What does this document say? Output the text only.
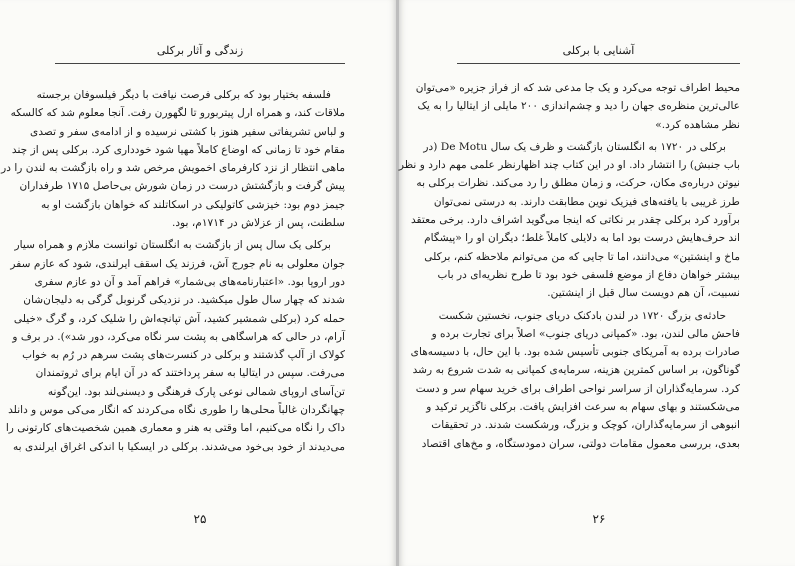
زندگی و آثار برکلی
فلسفه بختیار بود که برکلی فرصت نیافت با دیگر فیلسوفان برجسته
ملاقات کند، و همراه ارل پیتربورو تا لگهورن رفت. آنجا معلوم شد که کالسکه
و لباس تشریفاتی سفیر هنوز با کشتی نرسیده و از ادامه‌ی سفر و تصدی
مقام خود تا زمانی که اوضاع کاملاً مهیا شود خودداری کرد. برکلی پس از چند
ماهی انتظار از نزد کارفرمای اخمویش مرخص شد و راه بازگشت به لندن را در
پیش گرفت و بازگشتش درست در زمان شورش بی‌حاصل ۱۷۱۵ طرفداران
جیمز دوم بود: خیزشی کاتولیکی در اسکاتلند که خواهان بازگشت او به
سلطنت، پس از عزلاش در ۱۷۱۴م، بود.
برکلی یک سال پس از بازگشت به انگلستان توانست ملازم و همراه سیار
جوان معلولی به نام جورج آش، فرزند یک اسقف ایرلندی، شود که عازم سفر
دور اروپا بود. «اعتبارنامه‌های بی‌شمار» فراهم آمد و آن دو عازم سفری
شدند که چهار سال طول میکشید. در نزدیکی گرنوبل گرگی به دلیجان‌شان
حمله کرد (برکلی شمشیر کشید، آش تپانچه‌اش را شلیک کرد، و گرگ «خیلی
آرام، در حالی که هراسگاهی به پشت سر نگاه می‌کرد، دور شد»). در برف و
کولاک از آلپ گذشتند و برکلی در کنسرت‌های پشت سرهم در رُم به خواب
می‌رفت. سپس در ایتالیا به سفر پرداختند که در آن ایام برای ثروتمندان
تن‌آسای اروپای شمالی نوعی پارک فرهنگی و دیسنی‌لند بود. این‌گونه
چهانگردان غالباً محلی‌ها را طوری نگاه می‌کردند که انگار می‌کی موس و دانلد
داک را نگاه می‌کنیم، اما وقتی به هنر و معماری همین شخصیت‌های کارتونی را
می‌دیدند از خود بی‌خود می‌شدند. برکلی در ایسکیا با اندکی اغراق ایرلندی به
۲۵
آشنایی با برکلی
محیط اطراف توجه می‌کرد و یک جا مدعی شد که از فراز جزیره «می‌توان
عالی‌ترین منظره‌ی جهان را دید و چشم‌اندازی ۲۰۰ مایلی از ایتالیا را به یک
نظر مشاهده کرد.»
برکلی در ۱۷۲۰ به انگلستان بازگشت و ظرف یک سال De Motu (در
باب جنبش) را انتشار داد. او در این کتاب چند اظهارنظر علمی مهم دارد و نظر
نیوتن درباره‌ی مکان، حرکت، و زمان مطلق را رد می‌کند. نظرات برکلی به
طرز غریبی با یافته‌های فیزیک نوین مطابقت دارند. به درستی نمی‌توان
برآورد کرد برکلی چقدر بر نکاتی که اینجا می‌گوید اشراف دارد. برخی معتقد
اند حرف‌هایش درست بود اما به دلایلی کاملاً غلط؛ دیگران او را «پیشگام
ماخ و اینشتین» می‌دانند، اما تا جایی که من می‌توانم ملاحظه کنم، برکلی
بیشتر خواهان دفاع از موضع فلسفی خود بود تا طرح نظریه‌ای در باب
نسبیت، آن هم دویست سال قبل از اینشتین.
حادثه‌ی بزرگ ۱۷۲۰ در لندن بادکنک دریای جنوب، نخستین شکست
فاحش مالی لندن، بود. «کمپانی دریای جنوب» اصلاً برای تجارت برده و
صادرات برده به آمریکای جنوبی تأسیس شده بود. با این حال، با دسیسه‌های
گوناگون، بر اساس کمترین هزینه، سرمایه‌ی کمپانی به شدت شروع به رشد
کرد. سرمایه‌گذاران از سراسر نواحی اطراف برای خرید سهام سر و دست
می‌شکستند و بهای سهام به سرعت افزایش یافت. برکلی ناگزیر ترکید و
انبوهی از سرمایه‌گذاران، کوچک و بزرگ، ورشکست شدند. در تحقیقات
بعدی، بررسی معمول مقامات دولتی، سران دمودستگاه، و مخ‌های اقتصاد
۲۶
